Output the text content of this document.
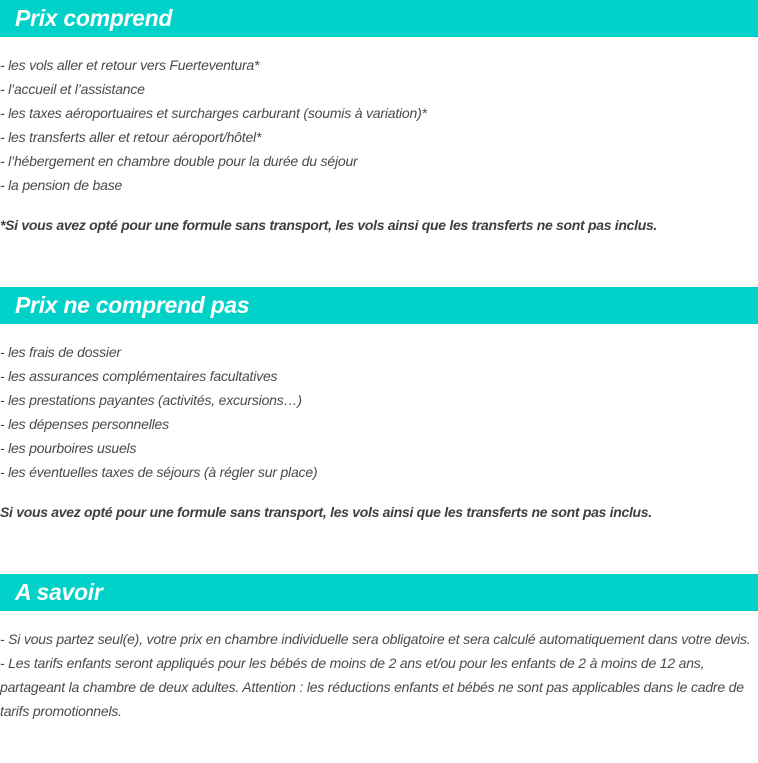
Prix comprend
- les vols aller et retour vers Fuerteventura*
- l’accueil et l’assistance
- les taxes aéroportuaires et surcharges carburant (soumis à variation)*
- les transferts aller et retour aéroport/hôtel*
- l’hébergement en chambre double pour la durée du séjour
- la pension de base

*Si vous avez opté pour une formule sans transport, les vols ainsi que les transferts ne sont pas inclus.

Prix ne comprend pas
- les frais de dossier
- les assurances complémentaires facultatives
- les prestations payantes (activités, excursions…)
- les dépenses personnelles
- les pourboires usuels
- les éventuelles taxes de séjours (à régler sur place)

Si vous avez opté pour une formule sans transport, les vols ainsi que les transferts ne sont pas inclus.

A savoir

- Si vous partez seul(e), votre prix en chambre individuelle sera obligatoire et sera calculé automatiquement dans votre devis.

- Les tarifs enfants seront appliqués pour les bébés de moins de 2 ans et/ou pour les enfants de 2 à moins de 12 ans, partageant la chambre de deux adultes. Attention : les réductions enfants et bébés ne sont pas applicables dans le cadre de tarifs promotionnels.
